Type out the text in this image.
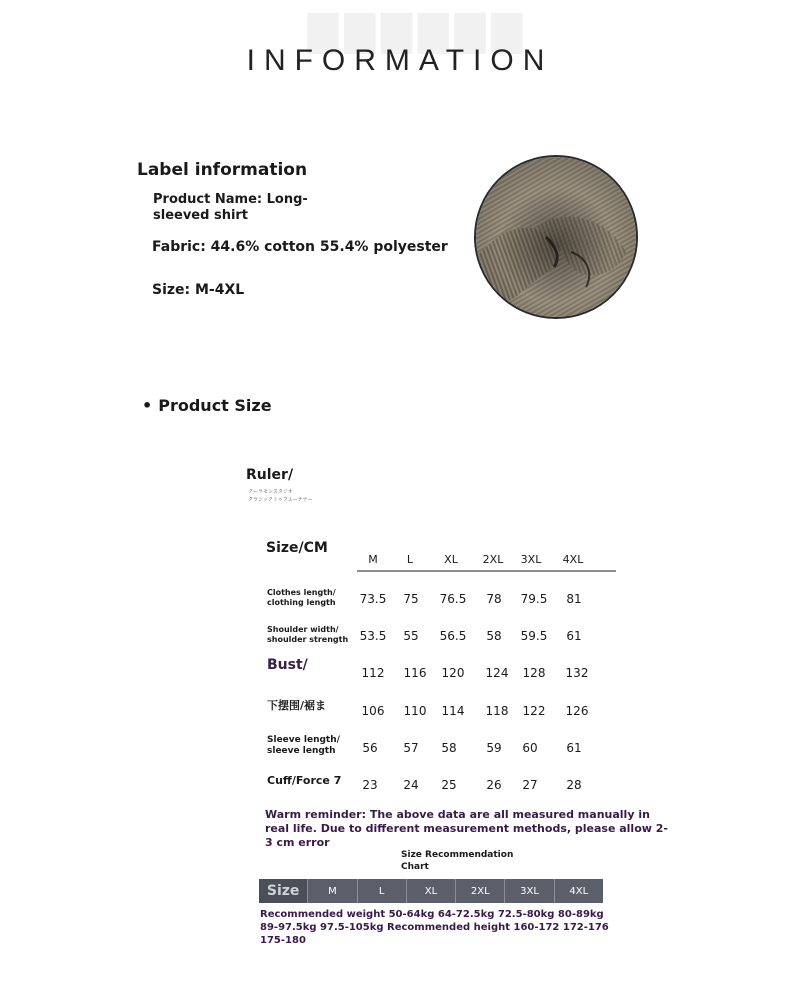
▇▇▇▇▇▇
INFORMATION
Label information
Product Name: Long-sleeved shirt
Fabric: 44.6% cotton 55.4% polyester
Size: M-4XL
• Product Size
Ruler/
クーラモンスタジオ
クラシックトゥフユーテナー
Size/CM
M	L	XL	2XL	3XL	4XL
Clothes length/ clothing length	73.5	75	76.5	78	79.5	81
Shoulder width/ shoulder strength 53.5	55	56.5	58	59.5	61
Bust/	112	116	120	124	128	132
下摆围/裾ま	106	110	114	118	122	126
Sleeve length/ sleeve length	56	57	58	59	60	61
Cuff/Force 7	23	24	25	26	27	28
Warm reminder: The above data are all measured manually in real life. Due to different measurement methods, please allow 2-3 cm error
Size Recommendation Chart
Size	M	L	XL	2XL	3XL	4XL
Recommended weight 50-64kg 64-72.5kg 72.5-80kg 80-89kg 89-97.5kg 97.5-105kg Recommended height 160-172 172-176 175-180
